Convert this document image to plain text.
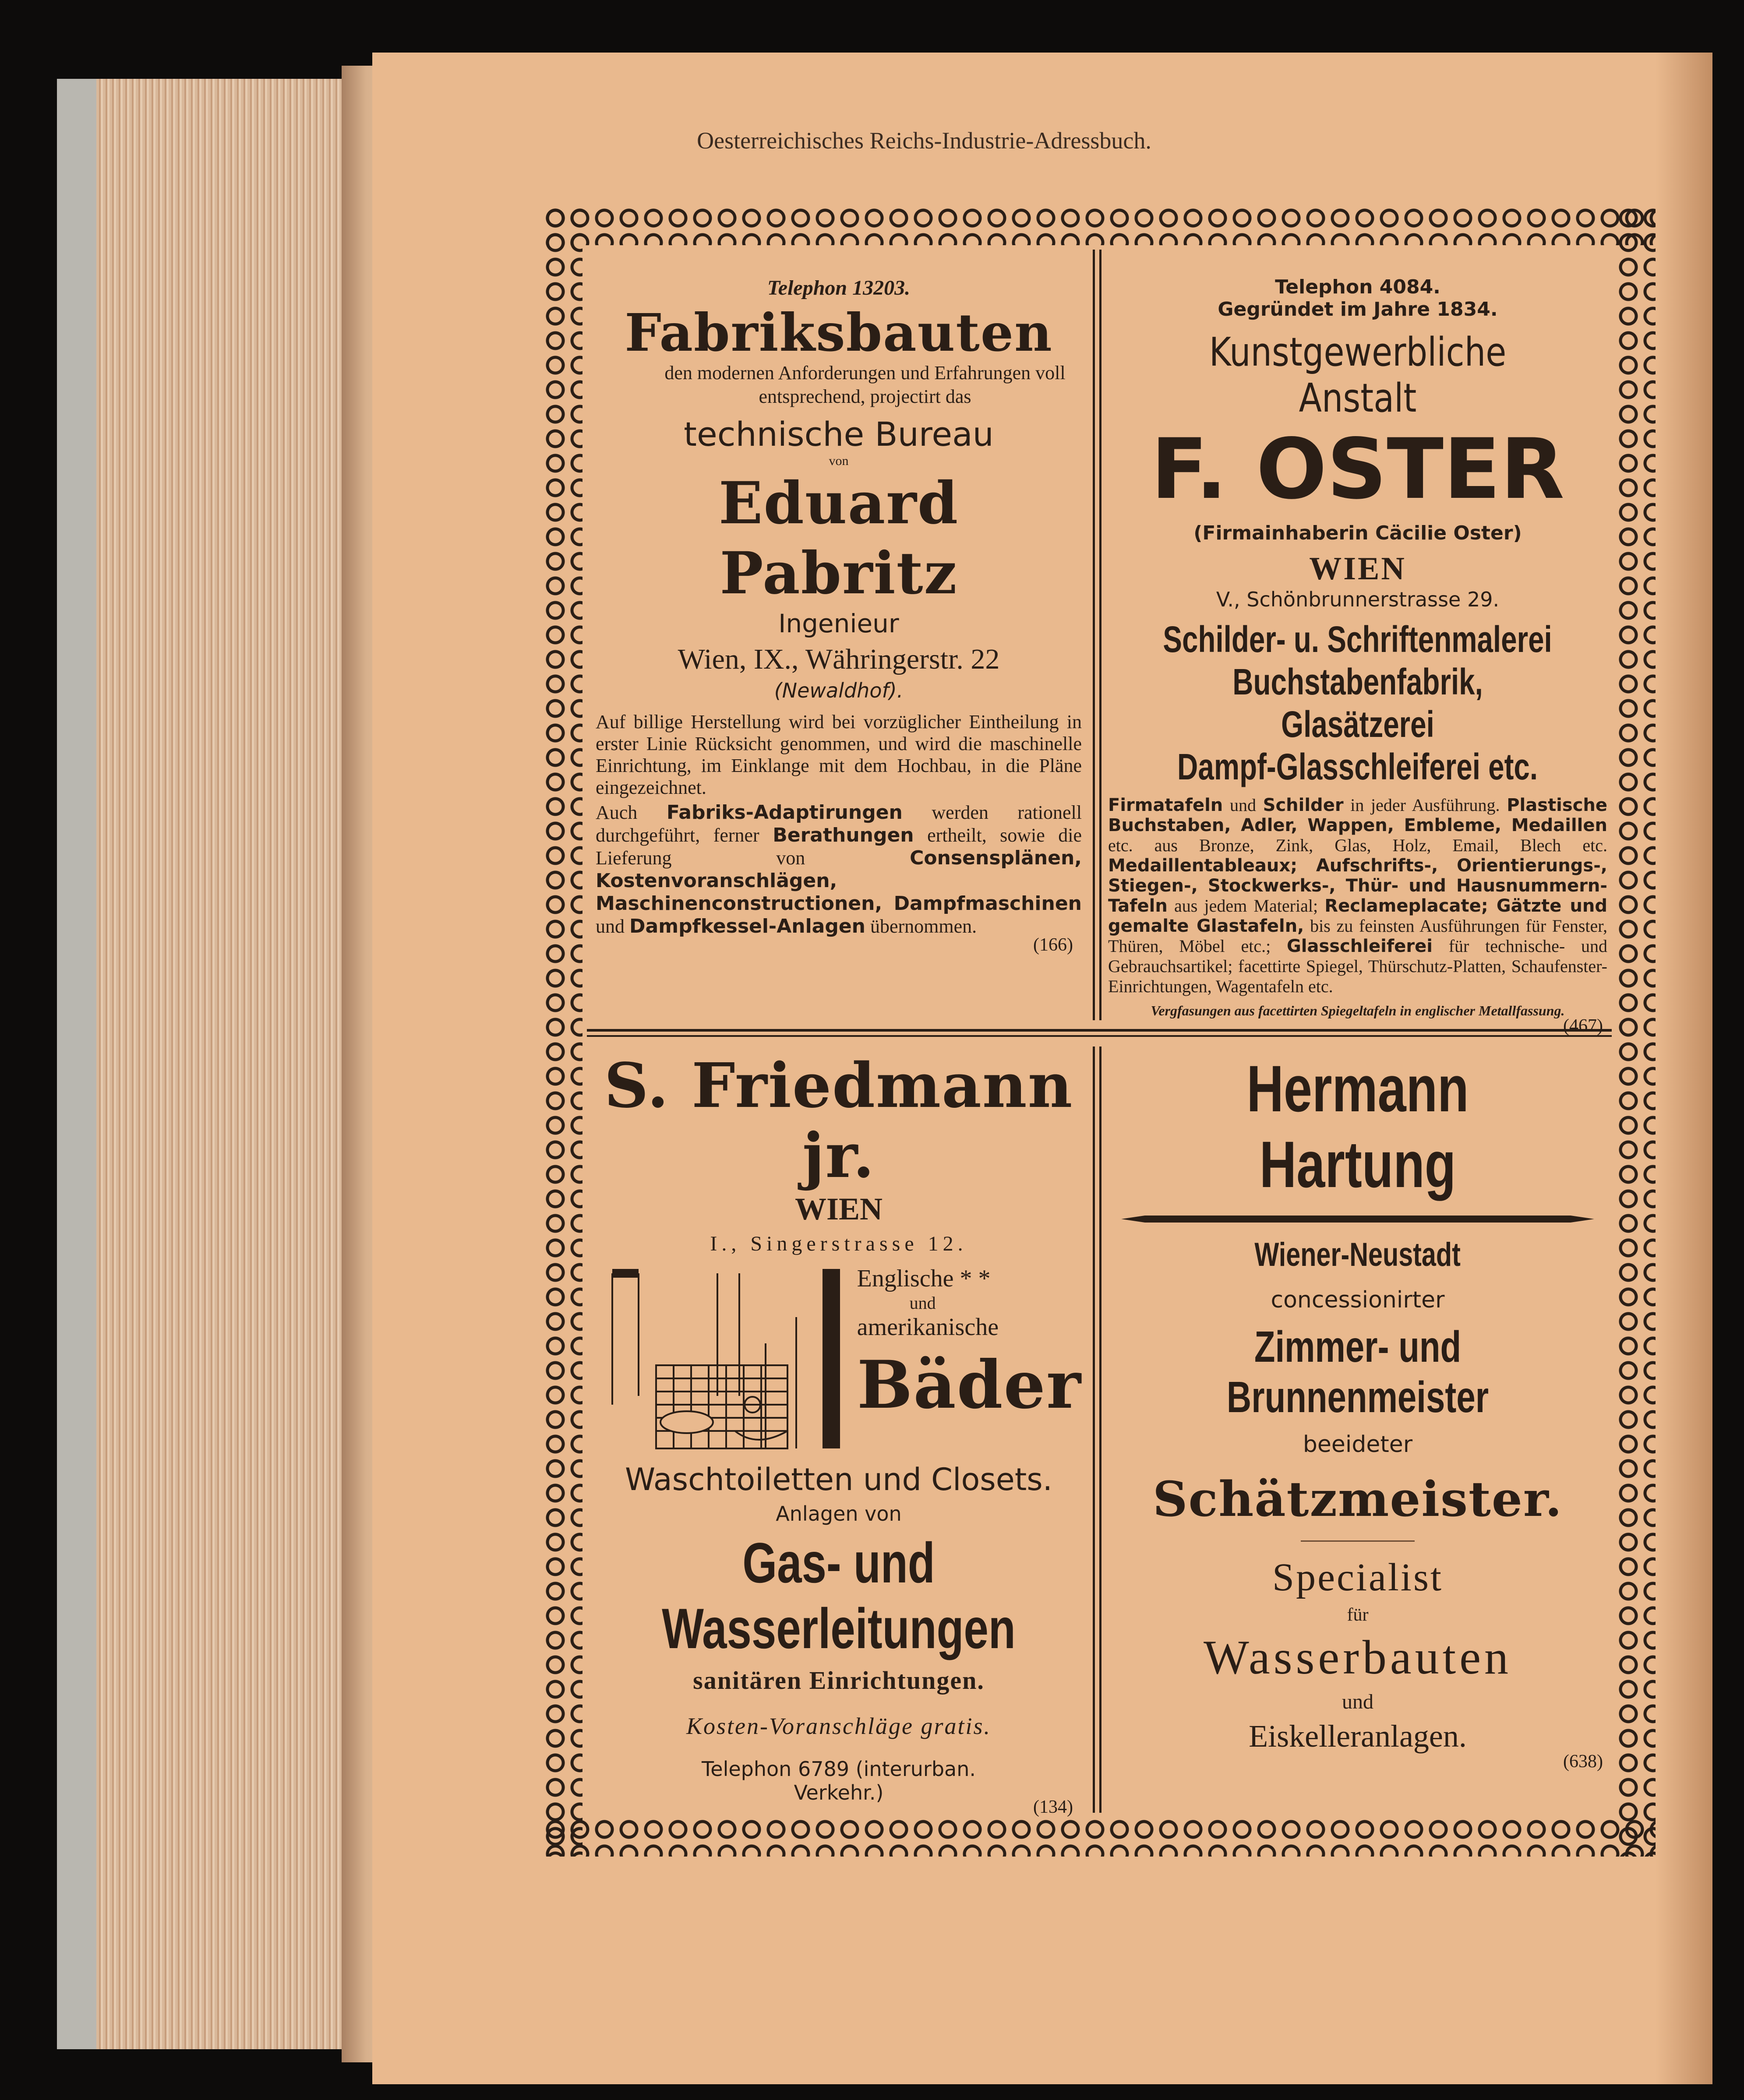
Oesterreichisches Reichs-Industrie-Adressbuch.

Telephon 13203.

Fabriksbauten

den modernen Anforderungen und Erfahrungen voll entsprechend, projectirt das

technische Bureau

von

Eduard Pabritz

Ingenieur

Wien, IX., Währingerstr. 22

(Newaldhof).

Auf billige Herstellung wird bei vorzüglicher Eintheilung in erster Linie Rücksicht genommen, und wird die maschinelle Einrichtung, im Einklange mit dem Hochbau, in die Pläne eingezeichnet.

Auch Fabriks-Adaptirungen werden rationell durchgeführt, ferner Berathungen ertheilt, sowie die Lieferung von	Consensplänen, Kostenvoranschlägen, Maschinenconstructionen, Dampfmaschinen und Dampfkessel-Anlagen übernommen.

(166)

Telephon 4084.

Gegründet im Jahre 1834.

Kunstgewerbliche Anstalt

F. OSTER

(Firmainhaberin Cäcilie Oster)

WIEN

V., Schönbrunnerstrasse 29.

Schilder- u. Schriftenmalerei

Buchstabenfabrik, Glasätzerei

Dampf-Glasschleiferei etc.

Firmatafeln und Schilder in jeder Ausführung. Plastische Buchstaben, Adler, Wappen, Embleme, Medaillen etc. aus Bronze, Zink, Glas, Holz, Email, Blech etc. Medaillentableaux; Aufschrifts-, Orientierungs-, Stiegen-, Stockwerks-, Thür- und Hausnummern-Tafeln aus jedem Material; Reclameplacate; Gätzte und gemalte Glastafeln, bis zu feinsten Ausführungen für Fenster, Thüren, Möbel etc.; Glasschleiferei für technische- und Gebrauchsartikel; facettirte Spiegel, Thürschutz-Platten, Schaufenster-Einrichtungen, Wagentafeln etc.

Vergfasungen aus facettirten Spiegeltafeln in englischer Metallfassung.

(467)

S. Friedmann jr.

WIEN

I., Singerstrasse 12.

Englische * *

und

amerikanische

Bäder

Waschtoiletten und Closets.

Anlagen von

Gas- und Wasserleitungen

sanitären Einrichtungen.

Kosten-Voranschläge gratis.

Telephon 6789 (interurban.

Verkehr.)

(134)

Hermann Hartung

Wiener-Neustadt

concessionirter

Zimmer- und Brunnenmeister

beeideter

Schätzmeister.

Specialist

für

Wasserbauten

und

Eiskelleranlagen.

(638)
